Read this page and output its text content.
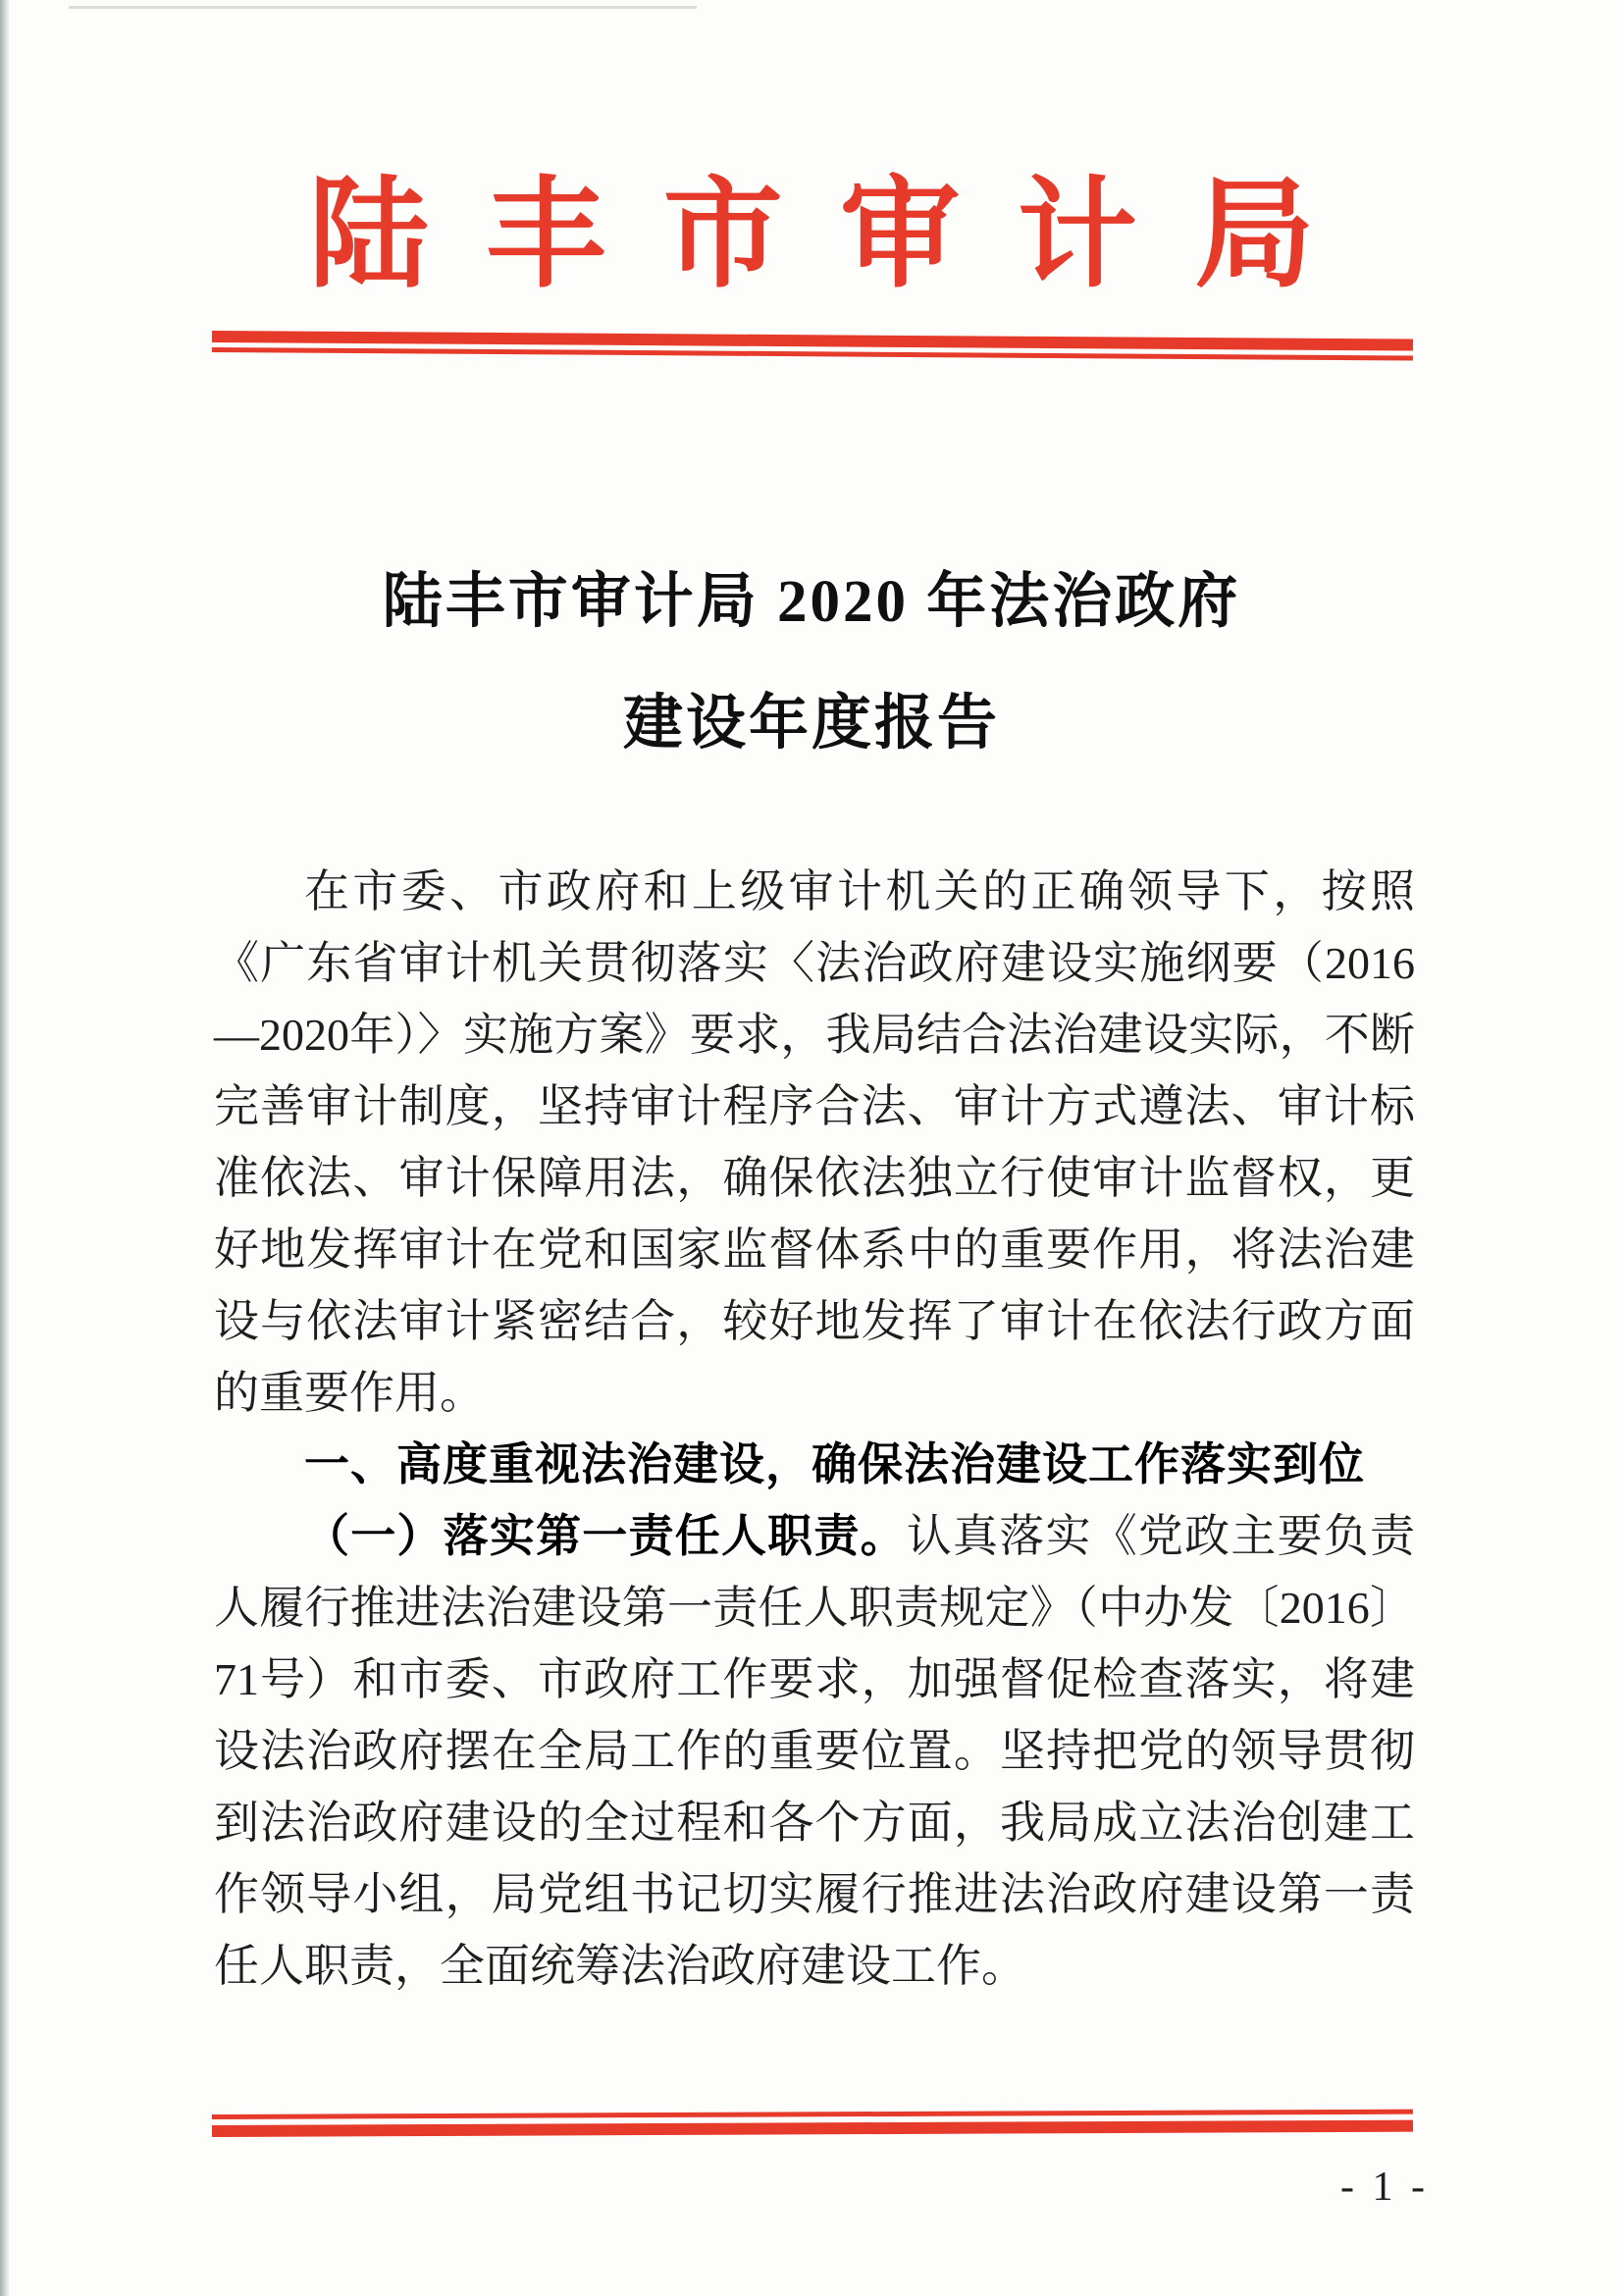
陆丰市审计局
陆丰市审计局 2020 年法治政府
建设年度报告

在市委、市政府和上级审计机关的正确领导下，按照《广东省审计机关贯彻落实〈法治政府建设实施纲要（2016—2020年）〉实施方案》要求，我局结合法治建设实际，不断完善审计制度，坚持审计程序合法、审计方式遵法、审计标准依法、审计保障用法，确保依法独立行使审计监督权，更好地发挥审计在党和国家监督体系中的重要作用，将法治建设与依法审计紧密结合，较好地发挥了审计在依法行政方面的重要作用。

一、高度重视法治建设，确保法治建设工作落实到位

（一）落实第一责任人职责。认真落实《党政主要负责人履行推进法治建设第一责任人职责规定》（中办发〔2016〕71号）和市委、市政府工作要求，加强督促检查落实，将建设法治政府摆在全局工作的重要位置。坚持把党的领导贯彻到法治政府建设的全过程和各个方面，我局成立法治创建工作领导小组，局党组书记切实履行推进法治政府建设第一责任人职责，全面统筹法治政府建设工作。

- 1 -
